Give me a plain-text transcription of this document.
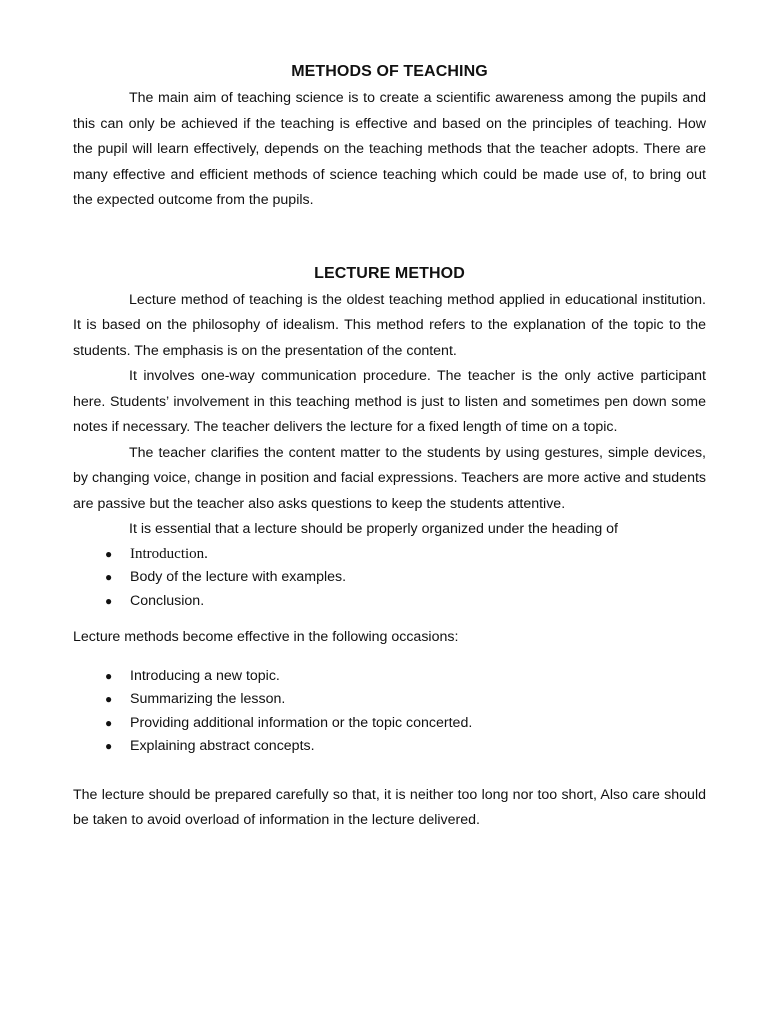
METHODS OF TEACHING

The main aim of teaching science is to create a scientific awareness among the pupils and this can only be achieved if the teaching is effective and based on the principles of teaching. How the pupil will learn effectively, depends on the teaching methods that the teacher adopts. There are many effective and efficient methods of science teaching which could be made use of, to bring out the expected outcome from the pupils.

LECTURE METHOD

Lecture method of teaching is the oldest teaching method applied in educational institution. It is based on the philosophy of idealism. This method refers to the explanation of the topic to the students. The emphasis is on the presentation of the content.

It involves one-way communication procedure. The teacher is the only active participant here. Students’ involvement in this teaching method is just to listen and sometimes pen down some notes if necessary. The teacher delivers the lecture for a fixed length of time on a topic.

The teacher clarifies the content matter to the students by using gestures, simple devices, by changing voice, change in position and facial expressions. Teachers are more active and students are passive but the teacher also asks questions to keep the students attentive.

It is essential that a lecture should be properly organized under the heading of

● Introduction.
● Body of the lecture with examples.
● Conclusion.

Lecture methods become effective in the following occasions:

● Introducing a new topic.
● Summarizing the lesson.
● Providing additional information or the topic concerted.
● Explaining abstract concepts.

The lecture should be prepared carefully so that, it is neither too long nor too short, Also care should be taken to avoid overload of information in the lecture delivered.
